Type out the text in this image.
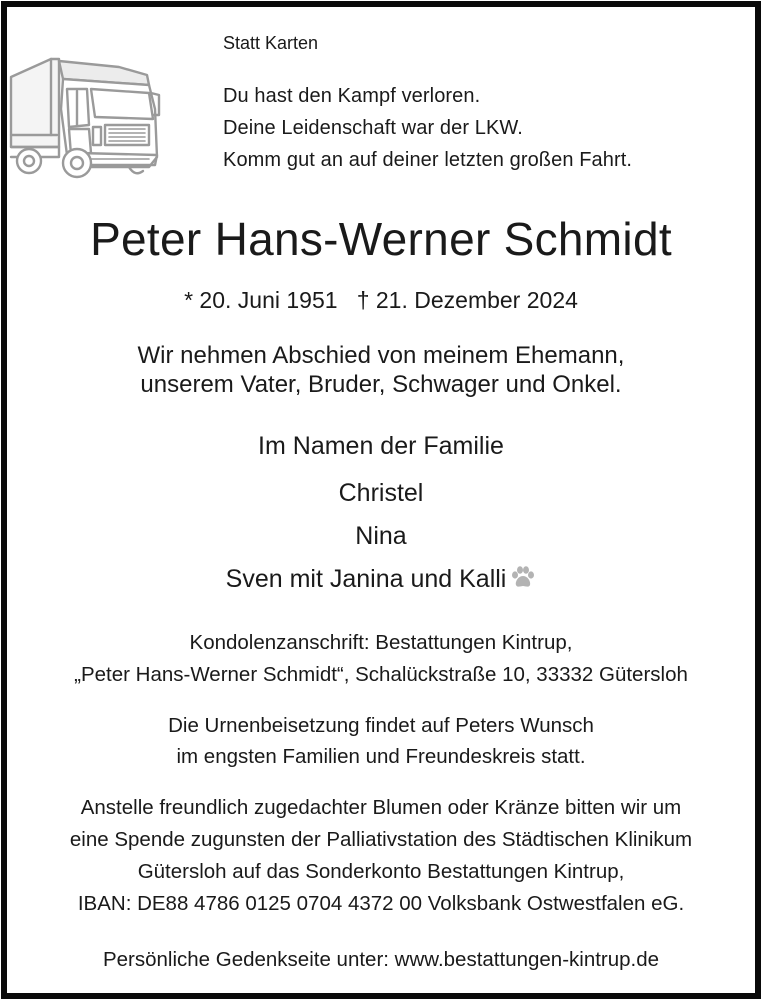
Statt Karten
Du hast den Kampf verloren.
Deine Leidenschaft war der LKW.
Komm gut an auf deiner letzten großen Fahrt.
Peter Hans-Werner Schmidt
* 20. Juni 1951 † 21. Dezember 2024
Wir nehmen Abschied von meinem Ehemann,
unserem Vater, Bruder, Schwager und Onkel.
Im Namen der Familie
Christel
Nina
Sven mit Janina und Kalli
Kondolenzanschrift: Bestattungen Kintrup,
„Peter Hans-Werner Schmidt“, Schalückstraße 10, 33332 Gütersloh
Die Urnenbeisetzung findet auf Peters Wunsch
im engsten Familien und Freundeskreis statt.
Anstelle freundlich zugedachter Blumen oder Kränze bitten wir um
eine Spende zugunsten der Palliativstation des Städtischen Klinikum
Gütersloh auf das Sonderkonto Bestattungen Kintrup,
IBAN: DE88 4786 0125 0704 4372 00 Volksbank Ostwestfalen eG.
Persönliche Gedenkseite unter: www.bestattungen-kintrup.de
